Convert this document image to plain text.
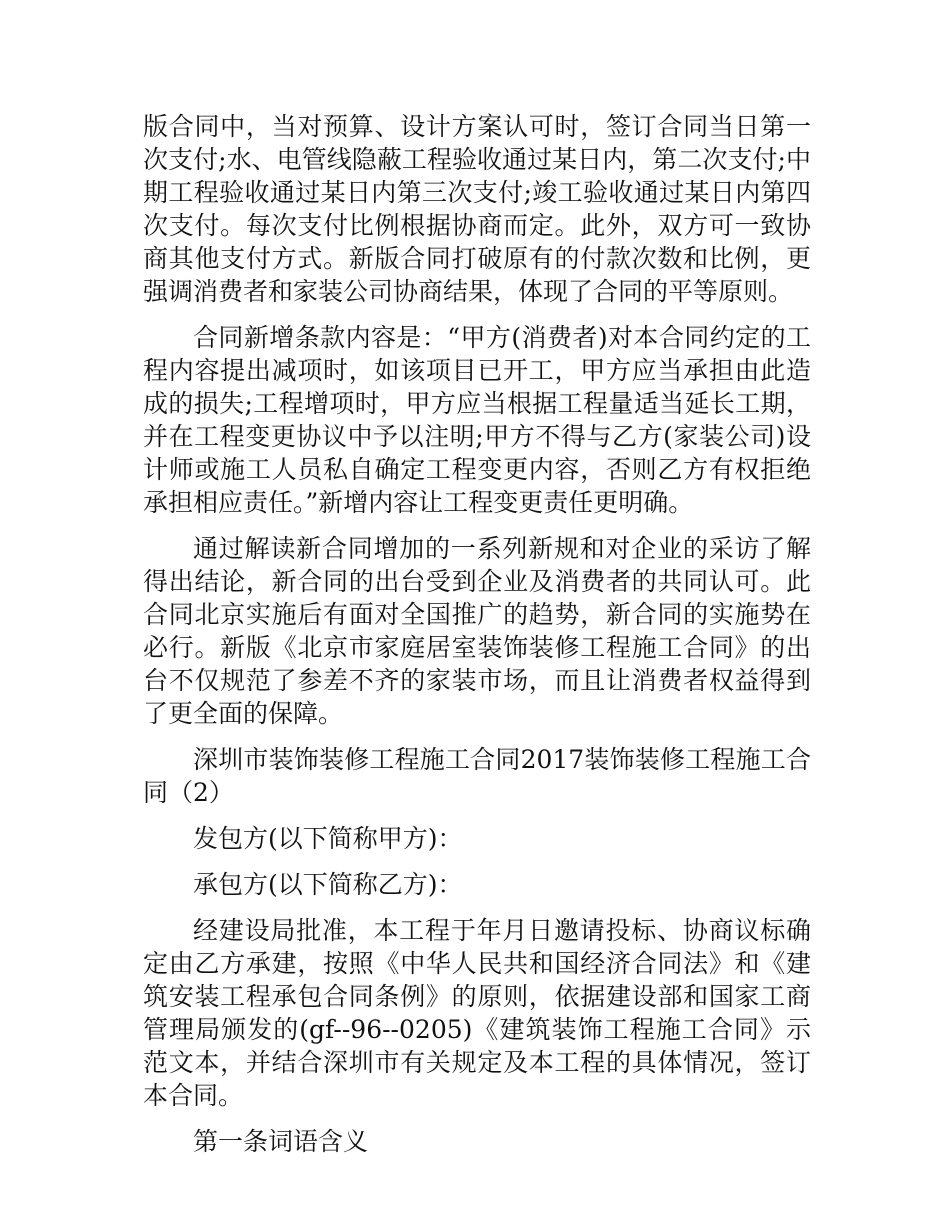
版合同中，当对预算、设计方案认可时，签订合同当日第一次支付;水、电管线隐蔽工程验收通过某日内，第二次支付;中期工程验收通过某日内第三次支付;竣工验收通过某日内第四次支付。每次支付比例根据协商而定。此外，双方可一致协商其他支付方式。新版合同打破原有的付款次数和比例，更强调消费者和家装公司协商结果，体现了合同的平等原则。

合同新增条款内容是：“甲方(消费者)对本合同约定的工程内容提出减项时，如该项目已开工，甲方应当承担由此造成的损失;工程增项时，甲方应当根据工程量适当延长工期，并在工程变更协议中予以注明;甲方不得与乙方(家装公司)设计师或施工人员私自确定工程变更内容，否则乙方有权拒绝承担相应责任。”新增内容让工程变更责任更明确。

通过解读新合同增加的一系列新规和对企业的采访了解得出结论，新合同的出台受到企业及消费者的共同认可。此合同北京实施后有面对全国推广的趋势，新合同的实施势在必行。新版《北京市家庭居室装饰装修工程施工合同》的出台不仅规范了参差不齐的家装市场，而且让消费者权益得到了更全面的保障。

深圳市装饰装修工程施工合同2017装饰装修工程施工合同（2）

发包方(以下简称甲方)：

承包方(以下简称乙方)：

经建设局批准，本工程于年月日邀请投标、协商议标确定由乙方承建，按照《中华人民共和国经济合同法》和《建筑安装工程承包合同条例》的原则，依据建设部和国家工商管理局颁发的(gf--96--0205)《建筑装饰工程施工合同》示范文本，并结合深圳市有关规定及本工程的具体情况，签订本合同。

第一条词语含义
